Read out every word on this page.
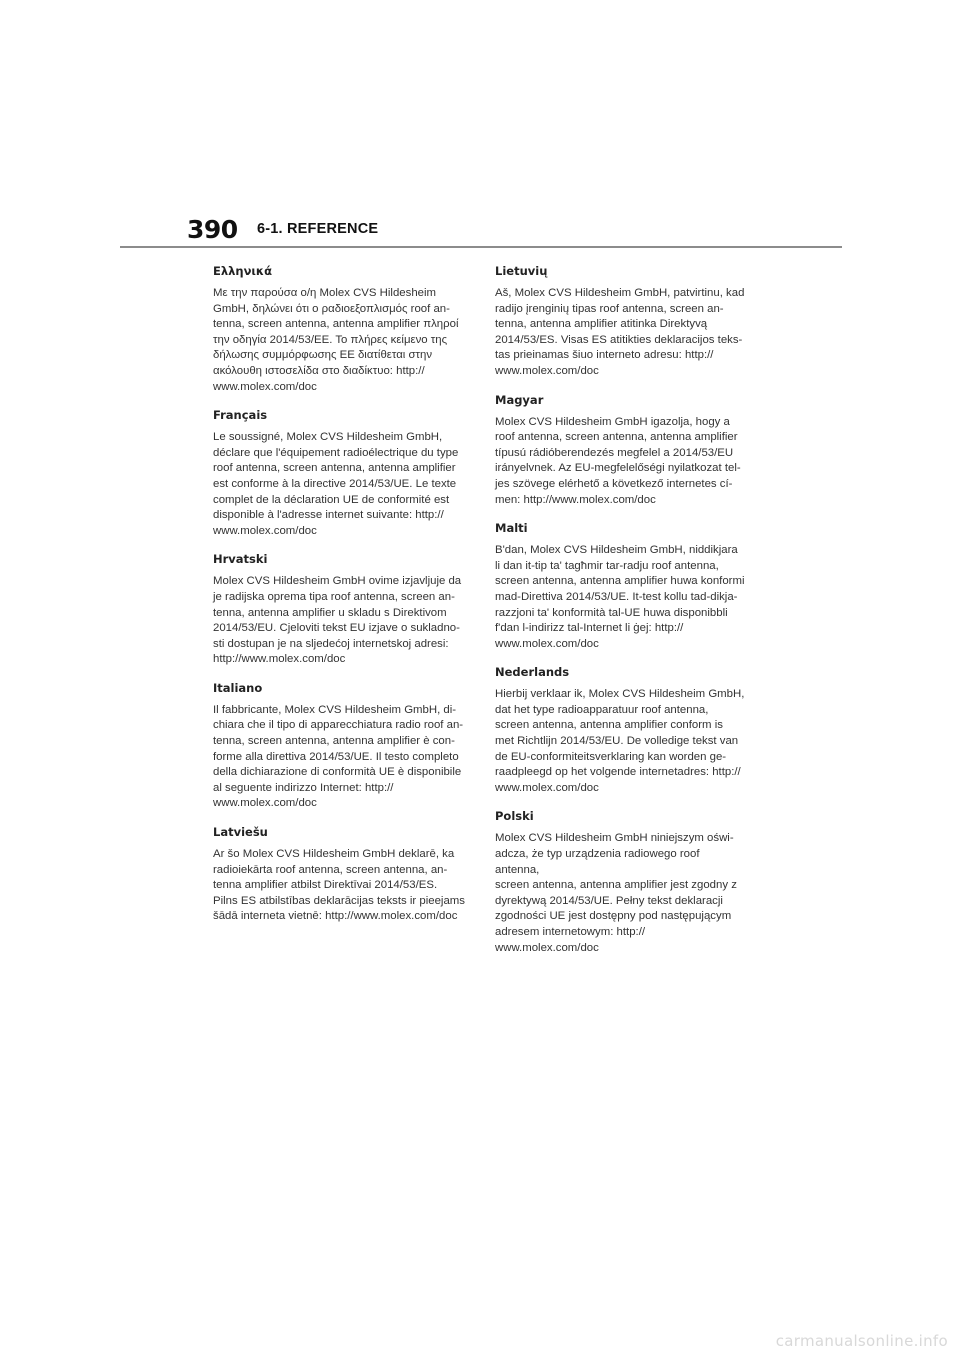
390	6-1. REFERENCE
Ελληνικά

Με την παρούσα ο/η Molex CVS Hildesheim
GmbH, δηλώνει ότι ο ραδιοεξοπλισμός roof an-
tenna, screen antenna, antenna amplifier πληροί
την οδηγία 2014/53/ΕΕ. Το πλήρες κείμενο της
δήλωσης συμμόρφωσης ΕΕ διατίθεται στην
ακόλουθη ιστοσελίδα στο διαδίκτυο: http://
www.molex.com/doc

Français

Le soussigné, Molex CVS Hildesheim GmbH,
déclare que l'équipement radioélectrique du type
roof antenna, screen antenna, antenna amplifier
est conforme à la directive 2014/53/UE. Le texte
complet de la déclaration UE de conformité est
disponible à l'adresse internet suivante: http://
www.molex.com/doc

Hrvatski

Molex CVS Hildesheim GmbH ovime izjavljuje da
je radijska oprema tipa roof antenna, screen an-
tenna, antenna amplifier u skladu s Direktivom
2014/53/EU. Cjeloviti tekst EU izjave o sukladno-
sti dostupan je na sljedećoj internetskoj adresi:
http://www.molex.com/doc

Italiano

Il fabbricante, Molex CVS Hildesheim GmbH, di-
chiara che il tipo di apparecchiatura radio roof an-
tenna, screen antenna, antenna amplifier è con-
forme alla direttiva 2014/53/UE. Il testo completo
della dichiarazione di conformità UE è disponibile
al seguente indirizzo Internet: http://
www.molex.com/doc

Latviešu

Ar šo Molex CVS Hildesheim GmbH deklarē, ka
radioiekārta roof antenna, screen antenna, an-
tenna amplifier atbilst Direktīvai 2014/53/ES.
Pilns ES atbilstības deklarācijas teksts ir pieejams
šādā interneta vietnē: http://www.molex.com/doc

Lietuvių

Aš, Molex CVS Hildesheim GmbH, patvirtinu, kad
radijo įrenginių tipas roof antenna, screen an-
tenna, antenna amplifier atitinka Direktyvą
2014/53/ES. Visas ES atitikties deklaracijos teks-
tas prieinamas šiuo interneto adresu: http://
www.molex.com/doc

Magyar

Molex CVS Hildesheim GmbH igazolja, hogy a
roof antenna, screen antenna, antenna amplifier
típusú rádióberendezés megfelel a 2014/53/EU
irányelvnek. Az EU-megfelelőségi nyilatkozat tel-
jes szövege elérhető a következő internetes cí-
men: http://www.molex.com/doc

Malti

B'dan, Molex CVS Hildesheim GmbH, niddikjara
li dan it-tip ta' tagħmir tar-radju roof antenna,
screen antenna, antenna amplifier huwa konformi
mad-Direttiva 2014/53/UE. It-test kollu tad-dikja-
razzjoni ta' konformità tal-UE huwa disponibbli
f'dan l-indirizz tal-Internet li ġej: http://
www.molex.com/doc

Nederlands

Hierbij verklaar ik, Molex CVS Hildesheim GmbH,
dat het type radioapparatuur roof antenna,
screen antenna, antenna amplifier conform is
met Richtlijn 2014/53/EU. De volledige tekst van
de EU-conformiteitsverklaring kan worden ge-
raadpleegd op het volgende internetadres: http://
www.molex.com/doc

Polski

Molex CVS Hildesheim GmbH niniejszym oświ-
adcza, że typ urządzenia radiowego roof antenna,
screen antenna, antenna amplifier jest zgodny z
dyrektywą 2014/53/UE. Pełny tekst deklaracji
zgodności UE jest dostępny pod następującym
adresem internetowym: http://
www.molex.com/doc

carmanualsonline.info
